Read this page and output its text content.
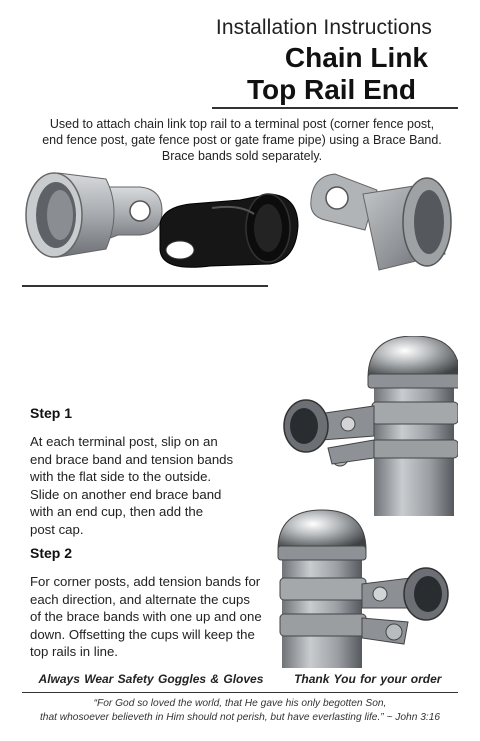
Installation Instructions
Chain Link
Top Rail End
Used to attach chain link top rail to a terminal post (corner fence post,
end fence post, gate fence post or gate frame pipe) using a Brace Band.
Brace bands sold separately.
Step 1
At each terminal post, slip on an
end brace band and tension bands
with the flat side to the outside.
Slide on another end brace band
with an end cup, then add the
post cap.
Step 2
For corner posts, add tension bands for
each direction, and alternate the cups
of the brace bands with one up and one
down. Offsetting the cups will keep the
top rails in line.
Always Wear Safety Goggles & Gloves	Thank You for your order
“For God so loved the world, that He gave his only begotten Son,
that whosoever believeth in Him should not perish, but have everlasting life.” ~ John 3:16
